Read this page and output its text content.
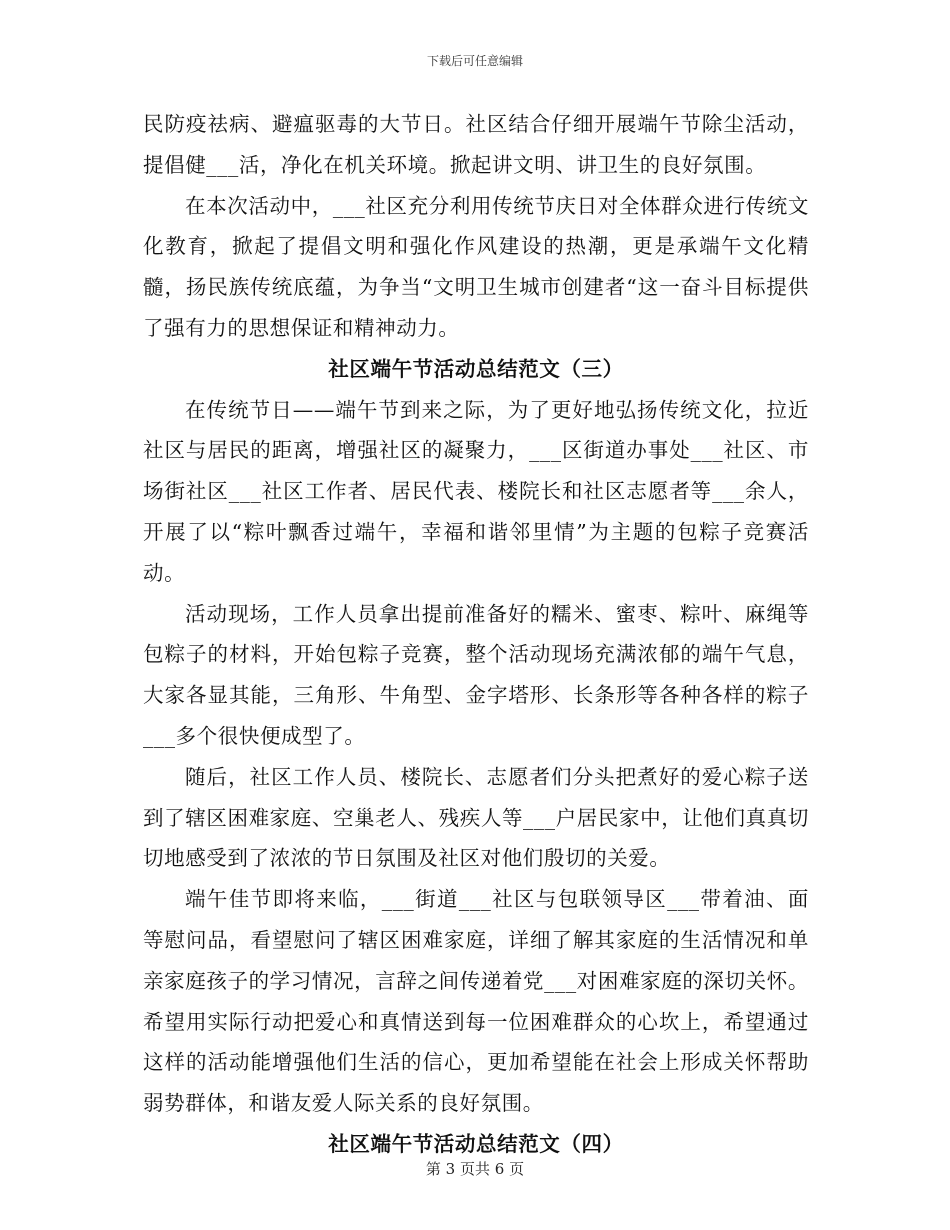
下载后可任意编辑

民防疫祛病、避瘟驱毒的大节日。社区结合仔细开展端午节除尘活动，提倡健___活，净化在机关环境。掀起讲文明、讲卫生的良好氛围。

在本次活动中，___社区充分利用传统节庆日对全体群众进行传统文化教育，掀起了提倡文明和强化作风建设的热潮，更是承端午文化精髓，扬民族传统底蕴，为争当“文明卫生城市创建者“这一奋斗目标提供了强有力的思想保证和精神动力。

社区端午节活动总结范文（三）

在传统节日——端午节到来之际，为了更好地弘扬传统文化，拉近社区与居民的距离，增强社区的凝聚力，___区街道办事处___社区、市场街社区___社区工作者、居民代表、楼院长和社区志愿者等___余人，开展了以“粽叶飘香过端午，幸福和谐邻里情”为主题的包粽子竞赛活动。

活动现场，工作人员拿出提前准备好的糯米、蜜枣、粽叶、麻绳等包粽子的材料，开始包粽子竞赛，整个活动现场充满浓郁的端午气息，大家各显其能，三角形、牛角型、金字塔形、长条形等各种各样的粽子___多个很快便成型了。

随后，社区工作人员、楼院长、志愿者们分头把煮好的爱心粽子送到了辖区困难家庭、空巢老人、残疾人等___户居民家中，让他们真真切切地感受到了浓浓的节日氛围及社区对他们殷切的关爱。

端午佳节即将来临，___街道___社区与包联领导区___带着油、面等慰问品，看望慰问了辖区困难家庭，详细了解其家庭的生活情况和单亲家庭孩子的学习情况，言辞之间传递着党___对困难家庭的深切关怀。希望用实际行动把爱心和真情送到每一位困难群众的心坎上，希望通过这样的活动能增强他们生活的信心，更加希望能在社会上形成关怀帮助弱势群体，和谐友爱人际关系的良好氛围。

社区端午节活动总结范文（四）
第 3 页共 6 页
